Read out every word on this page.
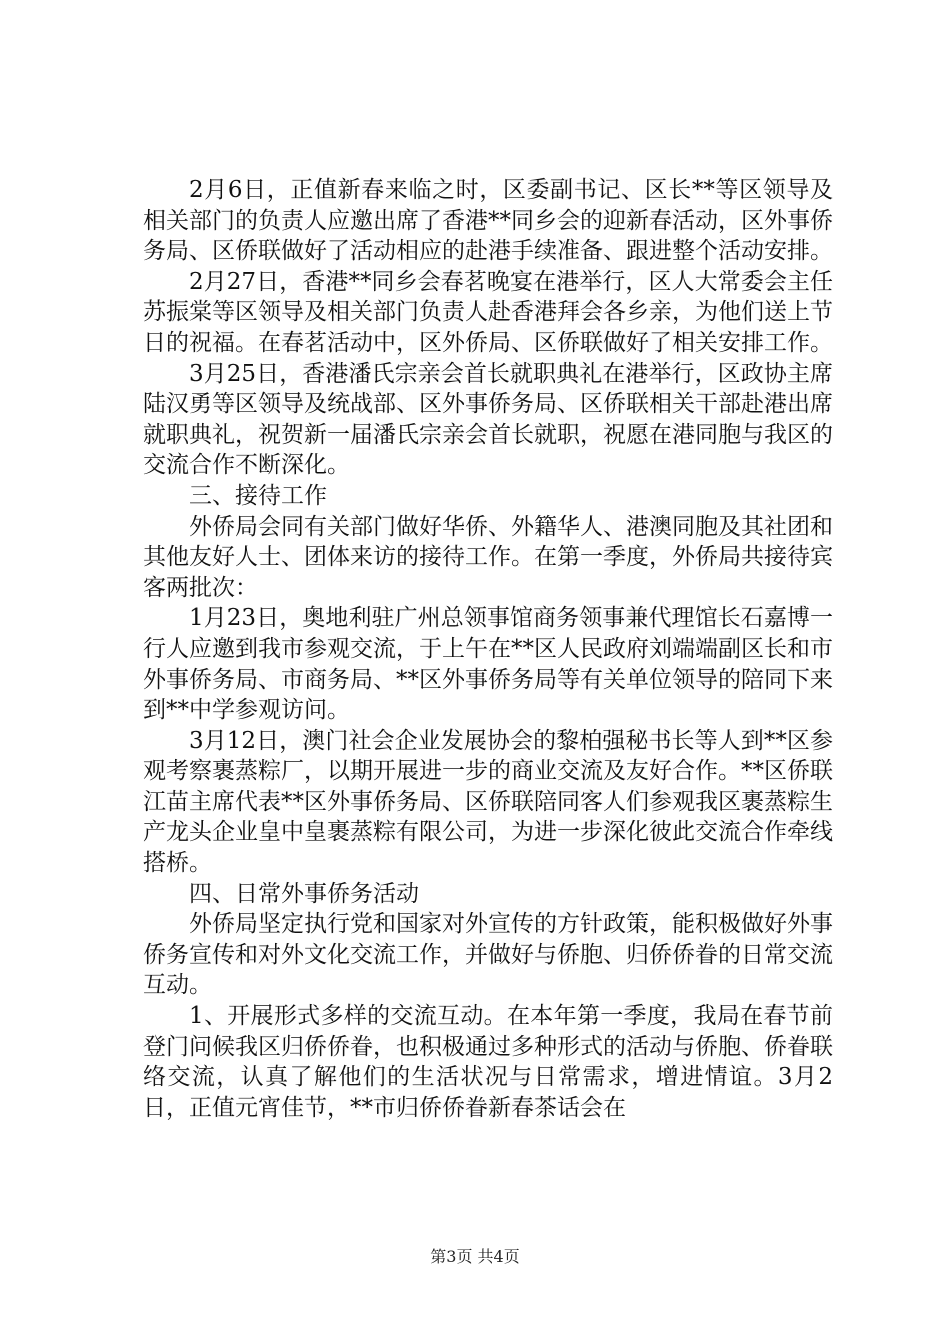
2月6日，正值新春来临之时，区委副书记、区长**等区领导及相关部门的负责人应邀出席了香港**同乡会的迎新春活动，区外事侨务局、区侨联做好了活动相应的赴港手续准备、跟进整个活动安排。

2月27日，香港**同乡会春茗晚宴在港举行，区人大常委会主任苏振棠等区领导及相关部门负责人赴香港拜会各乡亲，为他们送上节日的祝福。在春茗活动中，区外侨局、区侨联做好了相关安排工作。

3月25日，香港潘氏宗亲会首长就职典礼在港举行，区政协主席陆汉勇等区领导及统战部、区外事侨务局、区侨联相关干部赴港出席就职典礼，祝贺新一届潘氏宗亲会首长就职，祝愿在港同胞与我区的交流合作不断深化。

三、接待工作

外侨局会同有关部门做好华侨、外籍华人、港澳同胞及其社团和其他友好人士、团体来访的接待工作。在第一季度，外侨局共接待宾客两批次：

1月23日，奥地利驻广州总领事馆商务领事兼代理馆长石嘉博一行人应邀到我市参观交流，于上午在**区人民政府刘端端副区长和市外事侨务局、市商务局、**区外事侨务局等有关单位领导的陪同下来到**中学参观访问。

3月12日，澳门社会企业发展协会的黎柏强秘书长等人到**区参观考察裹蒸粽厂，以期开展进一步的商业交流及友好合作。**区侨联江苗主席代表**区外事侨务局、区侨联陪同客人们参观我区裹蒸粽生产龙头企业皇中皇裹蒸粽有限公司，为进一步深化彼此交流合作牵线搭桥。

四、日常外事侨务活动

外侨局坚定执行党和国家对外宣传的方针政策，能积极做好外事侨务宣传和对外文化交流工作，并做好与侨胞、归侨侨眷的日常交流互动。

1、开展形式多样的交流互动。在本年第一季度，我局在春节前登门问候我区归侨侨眷，也积极通过多种形式的活动与侨胞、侨眷联络交流，认真了解他们的生活状况与日常需求，增进情谊。3月2日，正值元宵佳节，**市归侨侨眷新春茶话会在

第3页 共4页
